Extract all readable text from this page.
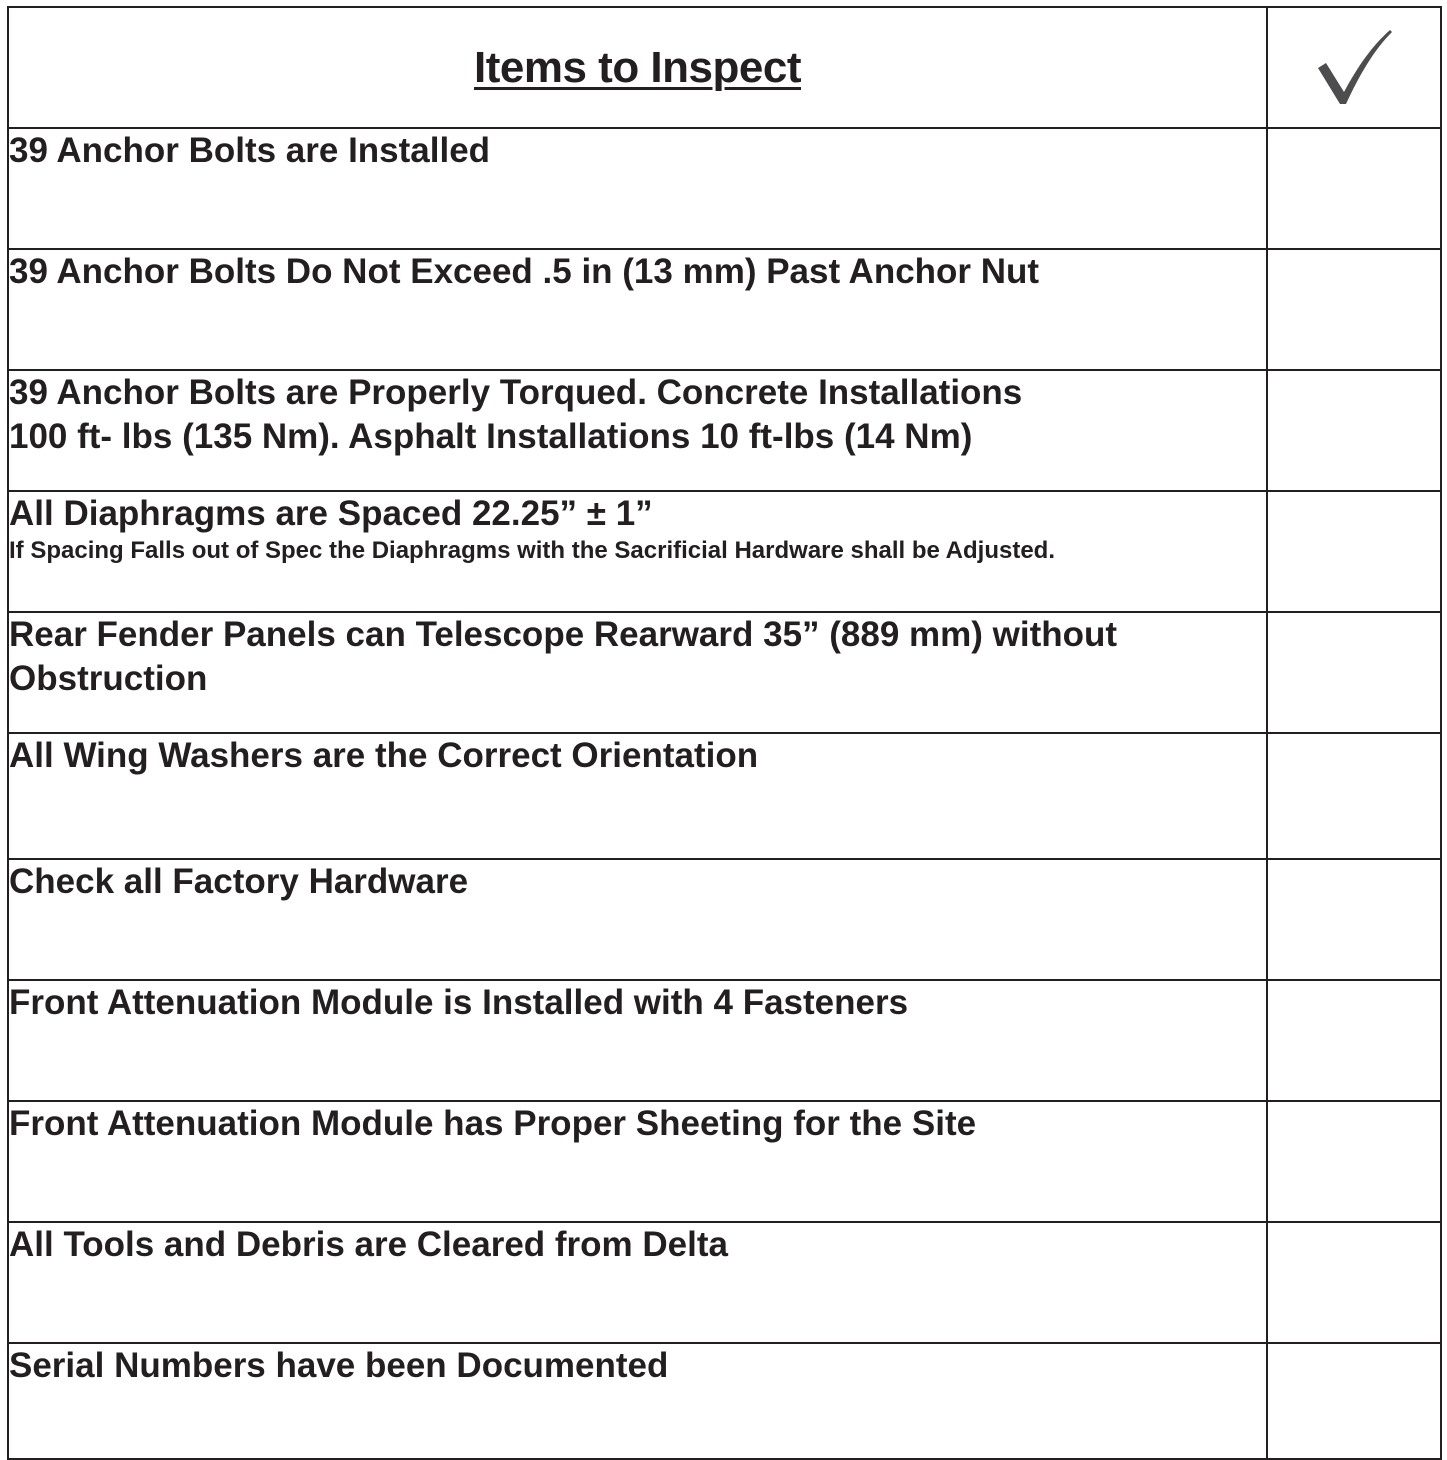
Items to Inspect	

39 Anchor Bolts are Installed	

39 Anchor Bolts Do Not Exceed .5 in (13 mm) Past Anchor Nut	

39 Anchor Bolts are Properly Torqued. Concrete Installations
100 ft- lbs (135 Nm). Asphalt Installations 10 ft-lbs (14 Nm)	

All Diaphragms are Spaced 22.25” ± 1”
If Spacing Falls out of Spec the Diaphragms with the Sacrificial Hardware shall be Adjusted.	

Rear Fender Panels can Telescope Rearward 35” (889 mm) without Obstruction	

All Wing Washers are the Correct Orientation	

Check all Factory Hardware	

Front Attenuation Module is Installed with 4 Fasteners	

Front Attenuation Module has Proper Sheeting for the Site	

All Tools and Debris are Cleared from Delta	

Serial Numbers have been Documented	
